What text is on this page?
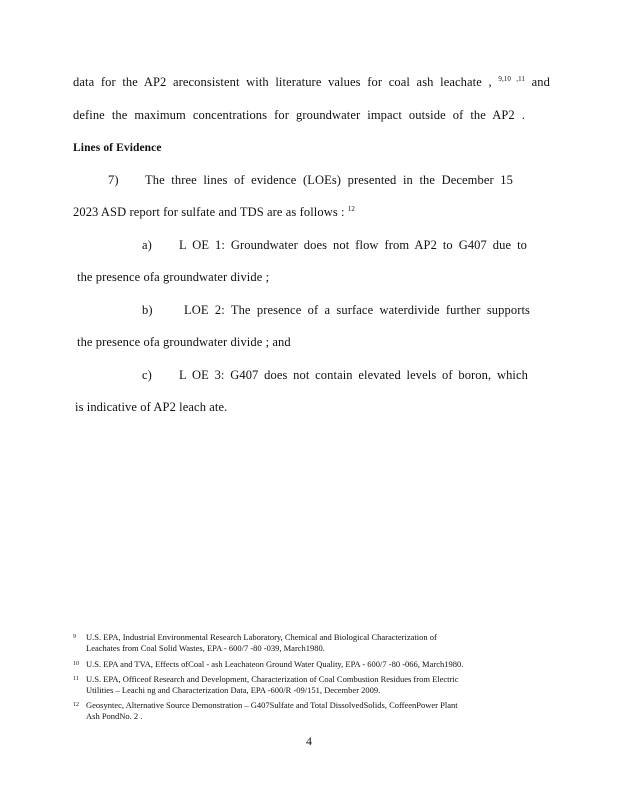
data for the AP2 areconsistent with literature values for coal ash leachate , $^{9,10 ,11}$ and
define the maximum concentrations for groundwater impact outside of the AP2 .
Lines of Evidence
7) The three lines of evidence (LOEs) presented in the December 15
2023 ASD report for sulfate and TDS are as follows : $^{12}$
a) L OE 1: Groundwater does not flow from AP2 to G407 due to
the presence ofa groundwater divide ;
b)	LOE 2: The presence of a surface waterdivide further supports
the presence ofa groundwater divide ; and
c) L OE 3: G407 does not contain elevated levels of boron, which
is indicative of AP2 leach ate.
9 U.S. EPA, Industrial Environmental Research Laboratory, Chemical and Biological Characterization of
Leachates from Coal Solid Wastes, EPA - 600/7 -80 -039, March1980.
10 U.S. EPA and TVA, Effects ofCoal - ash Leachateon Ground Water Quality, EPA - 600/7 -80 -066, March1980.
11 U.S. EPA, Officeof Research and Development, Characterization of Coal Combustion Residues from Electric
Utilities – Leachi ng and Characterization Data, EPA -600/R -09/151, December 2009.
12 Geosyntec, Alternative Source Demonstration – G407Sulfate and Total DissolvedSolids, CoffeenPower Plant
Ash PondNo. 2 .
4
